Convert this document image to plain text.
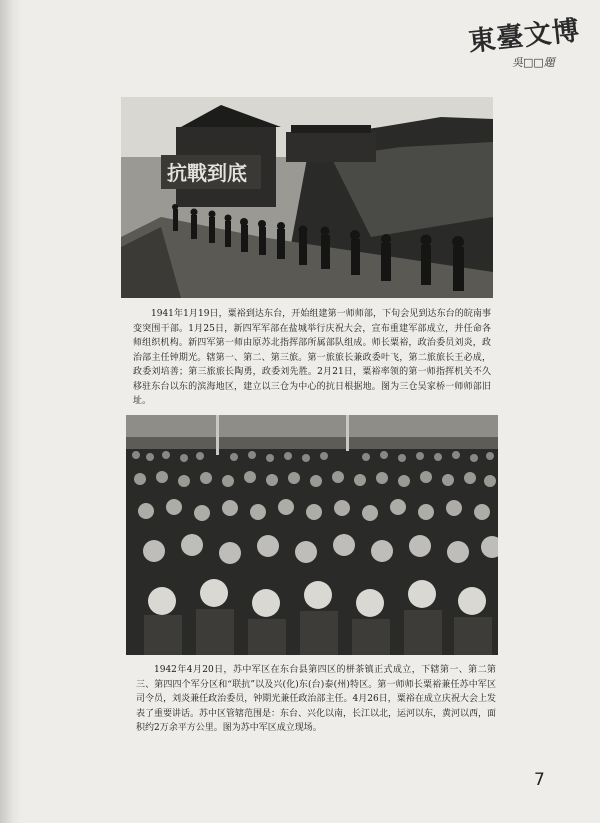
東臺文博
吳□□題
抗戰到底

1941年1月19日，粟裕到达东台，开始组建第一师师部，下旬会见到达东台的皖南事变突围干部。1月25日，新四军军部在盐城举行庆祝大会，宣布重建军部成立，并任命各师组织机构。新四军第一师由原苏北指挥部所属部队组成。师长粟裕，政治委员刘炎，政治部主任钟期光。辖第一、第二、第三旅。第一旅旅长兼政委叶飞，第二旅旅长王必成，政委刘培善；第三旅旅长陶勇，政委刘先胜。2月21日，粟裕率领的第一师指挥机关不久移驻东台以东的滨海地区，建立以三仓为中心的抗日根据地。图为三仓吴家桥一师师部旧址。

1942年4月20日，苏中军区在东台县第四区的栟茶镇正式成立，下辖第一、第二第三、第四四个军分区和“联抗”以及兴(化)东(台)泰(州)特区。第一师师长粟裕兼任苏中军区司令员，刘炎兼任政治委员，钟期光兼任政治部主任。4月26日，粟裕在成立庆祝大会上发表了重要讲话。苏中区管辖范围是：东台、兴化以南，长江以北，运河以东，黄河以西，面积约2万余平方公里。图为苏中军区成立现场。

7
